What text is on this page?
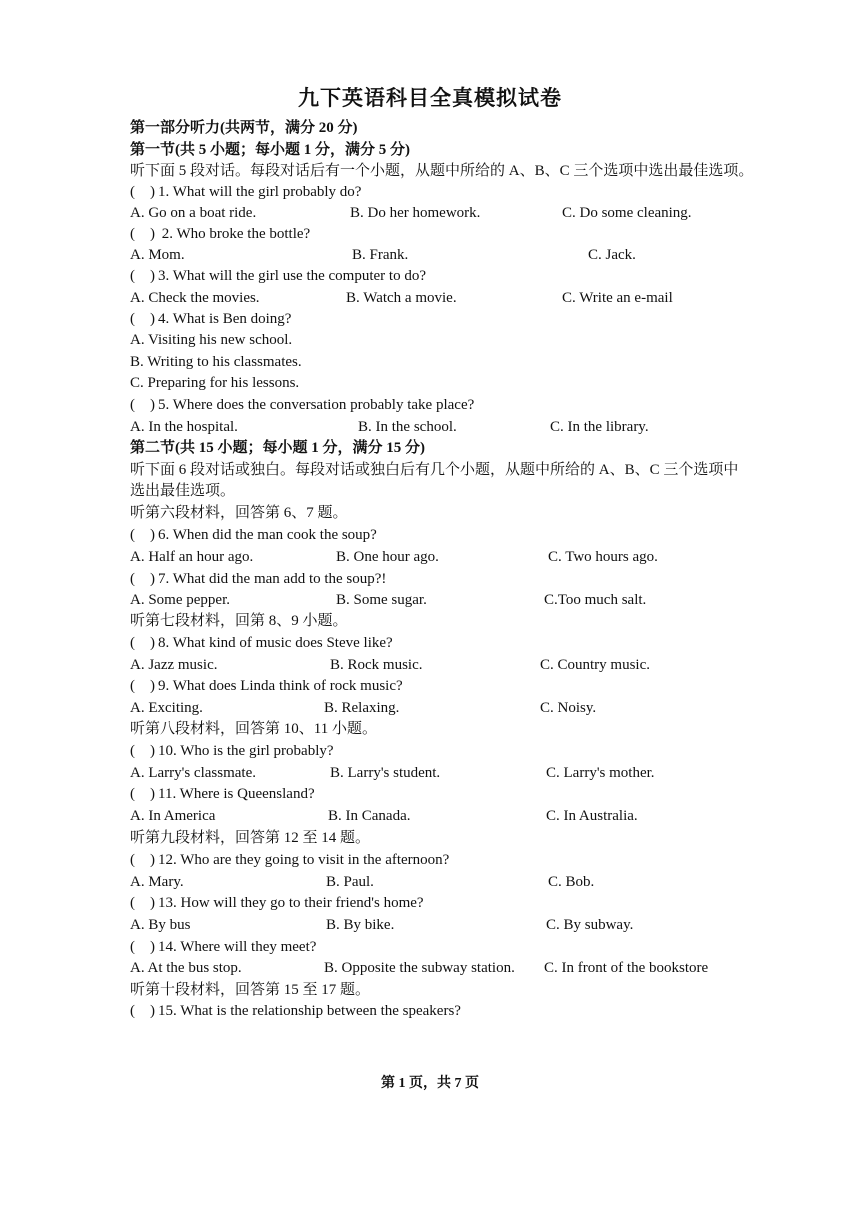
九下英语科目全真模拟试卷
第一部分听力(共两节，满分 20 分)
第一节(共 5 小题；每小题 1 分，满分 5 分)
听下面 5 段对话。每段对话后有一个小题，从题中所给的 A、B、C 三个选项中选出最佳选项。
(　) 1. What will the girl probably do?
A. Go on a boat ride.	B. Do her homework.	C. Do some cleaning.
(　) 2. Who broke the bottle?
A. Mom.	B. Frank.	C. Jack.
(　) 3. What will the girl use the computer to do?
A. Check the movies.	B. Watch a movie.	C. Write an e-mail
(　) 4. What is Ben doing?
A. Visiting his new school.
B. Writing to his classmates.
C. Preparing for his lessons.
(　) 5. Where does the conversation probably take place?
A. In the hospital.	B. In the school.	C. In the library.
第二节(共 15 小题；每小题 1 分，满分 15 分)
听下面 6 段对话或独白。每段对话或独白后有几个小题，从题中所给的 A、B、C 三个选项中
选出最佳选项。
听第六段材料，回答第 6、7 题。
(　) 6. When did the man cook the soup?
A. Half an hour ago.	B. One hour ago.	C. Two hours ago.
(　) 7. What did the man add to the soup?!
A. Some pepper.	B. Some sugar.	C.Too much salt.
听第七段材料，回第 8、9 小题。
(　) 8. What kind of music does Steve like?
A. Jazz music.	B. Rock music.	C. Country music.
(　) 9. What does Linda think of rock music?
A. Exciting.	B. Relaxing.	C. Noisy.
听第八段材料，回答第 10、11 小题。
(　) 10. Who is the girl probably?
A. Larry's classmate.	B. Larry's student.	C. Larry's mother.
(　) 11. Where is Queensland?
A. In America	B. In Canada.	C. In Australia.
听第九段材料，回答第 12 至 14 题。
(　) 12. Who are they going to visit in the afternoon?
A. Mary.	B. Paul.	C. Bob.
(　) 13. How will they go to their friend's home?
A. By bus	B. By bike.	C. By subway.
(　) 14. Where will they meet?
A. At the bus stop.	B. Opposite the subway station. C. In front of the bookstore
听第十段材料，回答第 15 至 17 题。
(　) 15. What is the relationship between the speakers?
第 1 页，共 7 页
